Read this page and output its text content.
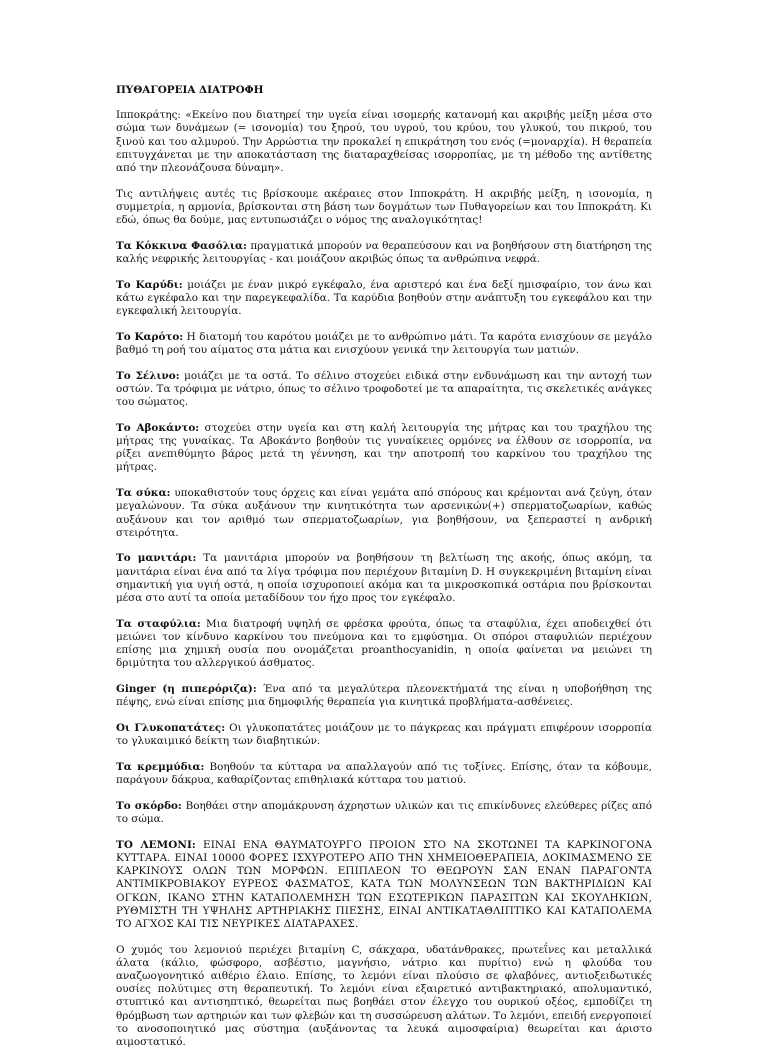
ΠΥΘΑΓΟΡΕΙΑ ΔΙΑΤΡΟΦΗ

Ιπποκράτης: «Εκείνο που διατηρεί την υγεία είναι ισομερής κατανομή και ακριβής μείξη μέσα στο σώμα των δυνάμεων (= ισονομία) του ξηρού, του υγρού, του κρύου, του γλυκού, του πικρού, του ξινού και του αλμυρού. Την Αρρώστια την προκαλεί η επικράτηση του ενός (=μοναρχία). Η θεραπεία επιτυγχάνεται με την αποκατάσταση της διαταραχθείσας ισορροπίας, με τη μέθοδο της αντίθετης από την πλεονάζουσα δύναμη».

Τις αντιλήψεις αυτές τις βρίσκουμε ακέραιες στον Ιπποκράτη. Η ακριβής μείξη, η ισονομία, η συμμετρία, η αρμονία, βρίσκονται στη βάση των δογμάτων των Πυθαγορείων και του Ιπποκράτη. Κι εδώ, όπως θα δούμε, μας εντυπωσιάζει ο νόμος της αναλογικότητας!

Τα Κόκκινα Φασόλια: πραγματικά μπορούν να θεραπεύσουν και να βοηθήσουν στη διατήρηση της καλής νεφρικής λειτουργίας - και μοιάζουν ακριβώς όπως τα ανθρώπινα νεφρά.

Το Καρύδι: μοιάζει με έναν μικρό εγκέφαλο, ένα αριστερό και ένα δεξί ημισφαίριο, τον άνω και κάτω εγκέφαλο και την παρεγκεφαλίδα. Τα καρύδια βοηθούν στην ανάπτυξη του εγκεφάλου και την εγκεφαλική λειτουργία.

Το Καρότο: Η διατομή του καρότου μοιάζει με το ανθρώπινο μάτι. Τα καρότα ενισχύουν σε μεγάλο βαθμό τη ροή του αίματος στα μάτια και ενισχύουν γενικά την λειτουργία των ματιών.

Το Σέλινο: μοιάζει με τα οστά. Το σέλινο στοχεύει ειδικά στην ενδυνάμωση και την αντοχή των οστών. Τα τρόφιμα με νάτριο, όπως το σέλινο τροφοδοτεί με τα απαραίτητα, τις σκελετικές ανάγκες του σώματος.

Το Αβοκάντο: στοχεύει στην υγεία και στη καλή λειτουργία της μήτρας και του τραχήλου της μήτρας της γυναίκας. Τα Αβοκάντο βοηθούν τις γυναίκειες ορμόνες να έλθουν σε ισορροπία, να ρίξει ανεπιθύμητο βάρος μετά τη γέννηση, και την αποτροπή του καρκίνου του τραχήλου της μήτρας.

Τα σύκα: υποκαθιστούν τους όρχεις και είναι γεμάτα από σπόρους και κρέμονται ανά ζεύγη, όταν μεγαλώνουν. Τα σύκα αυξάνουν την κινητικότητα των αρσενικών(+) σπερματοζωαρίων, καθώς αυξάνουν και τον αριθμό των σπερματοζωαρίων, για βοηθήσουν, να ξεπεραστεί η ανδρική στειρότητα.

Το μανιτάρι: Τα μανιτάρια μπορούν να βοηθήσουν τη βελτίωση της ακοής, όπως ακόμη, τα μανιτάρια είναι ένα από τα λίγα τρόφιμα που περιέχουν βιταμίνη D. Η συγκεκριμένη βιταμίνη είναι σημαντική για υγιή οστά, η οποία ισχυροποιεί ακόμα και τα μικροσκοπικά οστάρια που βρίσκονται μέσα στο αυτί τα οποία μεταδίδουν τον ήχο προς τον εγκέφαλο.

Τα σταφύλια: Μια διατροφή υψηλή σε φρέσκα φρούτα, όπως τα σταφύλια, έχει αποδειχθεί ότι μειώνει τον κίνδυνο καρκίνου του πνεύμονα και το εμφύσημα. Οι σπόροι σταφυλιών περιέχουν επίσης μια χημική ουσία που ονομάζεται proanthocyanidin, η οποία φαίνεται να μειώνει τη δριμύτητα του αλλεργικού άσθματος.

Ginger (η πιπερόριζα): Ένα από τα μεγαλύτερα πλεονεκτήματά της είναι η υποβοήθηση της πέψης, ενώ είναι επίσης μια δημοφιλής θεραπεία για κινητικά προβλήματα-ασθένειες.

Οι Γλυκοπατάτες: Οι γλυκοπατάτες μοιάζουν με το πάγκρεας και πράγματι επιφέρουν ισορροπία το γλυκαιμικό δείκτη των διαβητικών.

Τα κρεμμύδια: Βοηθούν τα κύτταρα να απαλλαγούν από τις τοξίνες. Επίσης, όταν τα κόβουμε, παράγουν δάκρυα, καθαρίζοντας επιθηλιακά κύτταρα του ματιού.

Το σκόρδο: Βοηθάει στην απομάκρυνση άχρηστων υλικών και τις επικίνδυνες ελεύθερες ρίζες από το σώμα.

ΤΟ ΛΕΜΟΝΙ: ΕΙΝΑΙ ΕΝΑ ΘΑΥΜΑΤΟΥΡΓΟ ΠΡΟΙΟΝ ΣΤΟ ΝΑ ΣΚΟΤΩΝΕΙ ΤΑ ΚΑΡΚΙΝΟΓΟΝΑ ΚΥΤΤΑΡΑ. ΕΙΝΑΙ 10000 ΦΟΡΕΣ ΙΣΧΥΡΟΤΕΡΟ ΑΠΟ ΤΗΝ ΧΗΜΕΙΟΘΕΡΑΠΕΙΑ, ΔΟΚΙΜΑΣΜΕΝΟ ΣΕ ΚΑΡΚΙΝΟΥΣ ΟΛΩΝ ΤΩΝ ΜΟΡΦΩΝ. ΕΠΙΠΛΕΟΝ ΤΟ ΘΕΩΡΟΥΝ ΣΑΝ ΕΝΑΝ ΠΑΡΑΓΟΝΤΑ ΑΝΤΙΜΙΚΡΟΒΙΑΚΟΥ ΕΥΡΕΟΣ ΦΑΣΜΑΤΟΣ, ΚΑΤΑ ΤΩΝ ΜΟΛΥΝΣΕΩΝ ΤΩΝ ΒΑΚΤΗΡΙΔΙΩΝ ΚΑΙ ΟΓΚΩΝ, ΙΚΑΝΟ ΣΤΗΝ ΚΑΤΑΠΟΛΕΜΗΣΗ ΤΩΝ ΕΣΩΤΕΡΙΚΩΝ ΠΑΡΑΣΙΤΩΝ ΚΑΙ ΣΚΟΥΛΗΚΙΩΝ, ΡΥΘΜΙΣΤΗ ΤΗ ΥΨΗΛΗΣ ΑΡΤΗΡΙΑΚΗΣ ΠΙΕΣΗΣ, ΕΙΝΑΙ ΑΝΤΙΚΑΤΑΘΛΙΠΤΙΚΟ ΚΑΙ ΚΑΤΑΠΟΛΕΜΑ ΤΟ ΑΓΧΟΣ ΚΑΙ ΤΙΣ ΝΕΥΡΙΚΕΣ ΔΙΑΤΑΡΑΧΕΣ.

Ο χυμός του λεμονιού περιέχει βιταμίνη C, σάκχαρα, υδατάνθρακες, πρωτεΐνες και μεταλλικά άλατα (κάλιο, φώσφορο, ασβέστιο, μαγνήσιο, νάτριο και πυρίτιο) ενώ η φλούδα του αναζωογονητικό αιθέριο έλαιο. Επίσης, το λεμόνι είναι πλούσιο σε φλαβόνες, αντιοξειδωτικές ουσίες πολύτιμες στη θεραπευτική. Το λεμόνι είναι εξαιρετικό αντιβακτηριακό, απολυμαντικό, στυπτικό και αντισηπτικό, θεωρείται πως βοηθάει στον έλεγχο του ουρικού οξέος, εμποδίζει τη θρόμβωση των αρτηριών και των φλεβών και τη συσσώρευση αλάτων. Το λεμόνι, επειδή ενεργοποιεί το ανοσοποιητικό μας σύστημα (αυξάνοντας τα λευκά αιμοσφαίρια) θεωρείται και άριστο αιμοστατικό.
